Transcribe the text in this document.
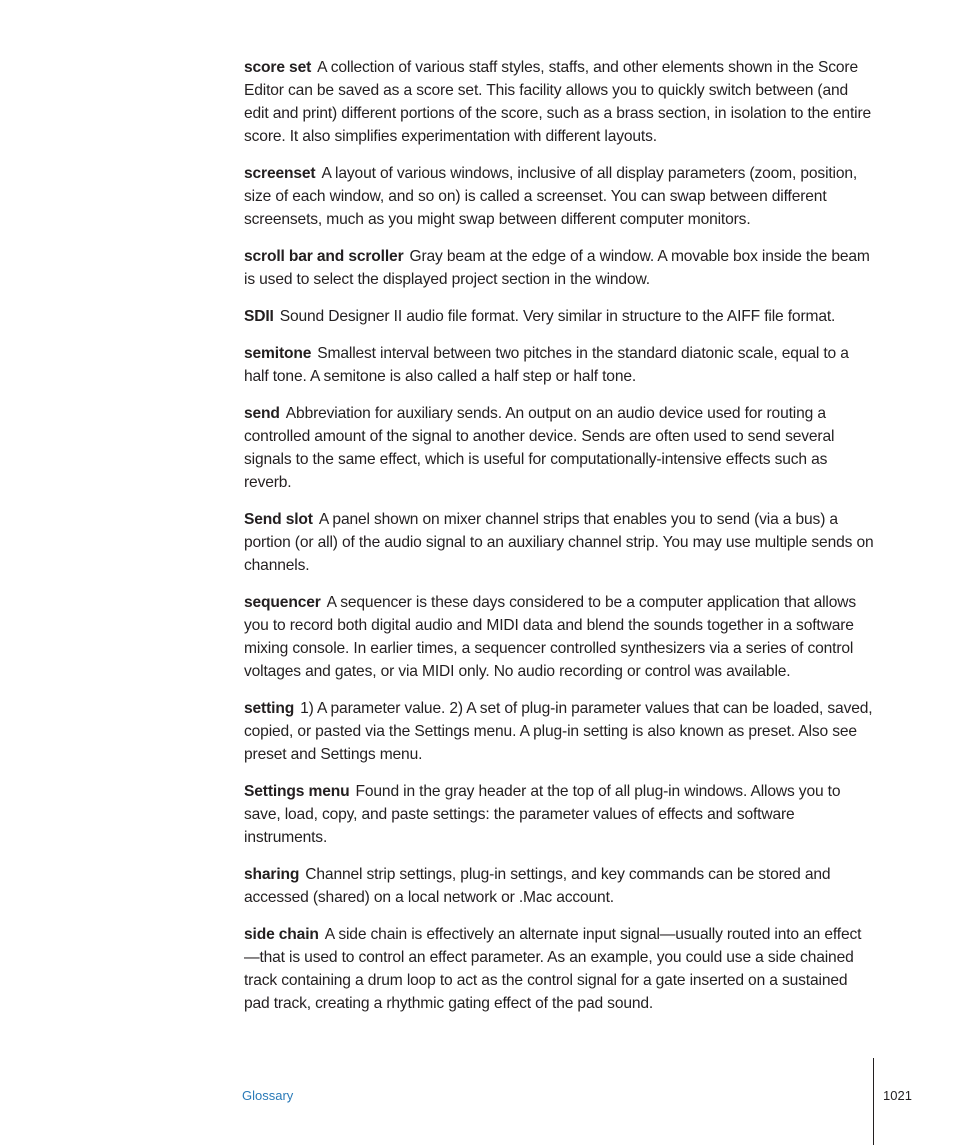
score set A collection of various staff styles, staffs, and other elements shown in the Score Editor can be saved as a score set. This facility allows you to quickly switch between (and edit and print) different portions of the score, such as a brass section, in isolation to the entire score. It also simplifies experimentation with different layouts.

screenset A layout of various windows, inclusive of all display parameters (zoom, position, size of each window, and so on) is called a screenset. You can swap between different screensets, much as you might swap between different computer monitors.

scroll bar and scroller Gray beam at the edge of a window. A movable box inside the beam is used to select the displayed project section in the window.

SDII Sound Designer II audio file format. Very similar in structure to the AIFF file format.

semitone Smallest interval between two pitches in the standard diatonic scale, equal to a half tone. A semitone is also called a half step or half tone.

send Abbreviation for auxiliary sends. An output on an audio device used for routing a controlled amount of the signal to another device. Sends are often used to send several signals to the same effect, which is useful for computationally-intensive effects such as reverb.

Send slot A panel shown on mixer channel strips that enables you to send (via a bus) a portion (or all) of the audio signal to an auxiliary channel strip. You may use multiple sends on channels.

sequencer A sequencer is these days considered to be a computer application that allows you to record both digital audio and MIDI data and blend the sounds together in a software mixing console. In earlier times, a sequencer controlled synthesizers via a series of control voltages and gates, or via MIDI only. No audio recording or control was available.

setting 1) A parameter value. 2) A set of plug-in parameter values that can be loaded, saved, copied, or pasted via the Settings menu. A plug-in setting is also known as preset. Also see preset and Settings menu.

Settings menu Found in the gray header at the top of all plug-in windows. Allows you to save, load, copy, and paste settings: the parameter values of effects and software instruments.

sharing Channel strip settings, plug-in settings, and key commands can be stored and accessed (shared) on a local network or .Mac account.

side chain A side chain is effectively an alternate input signal—usually routed into an effect—that is used to control an effect parameter. As an example, you could use a side chained track containing a drum loop to act as the control signal for a gate inserted on a sustained pad track, creating a rhythmic gating effect of the pad sound.

Glossary	1021
